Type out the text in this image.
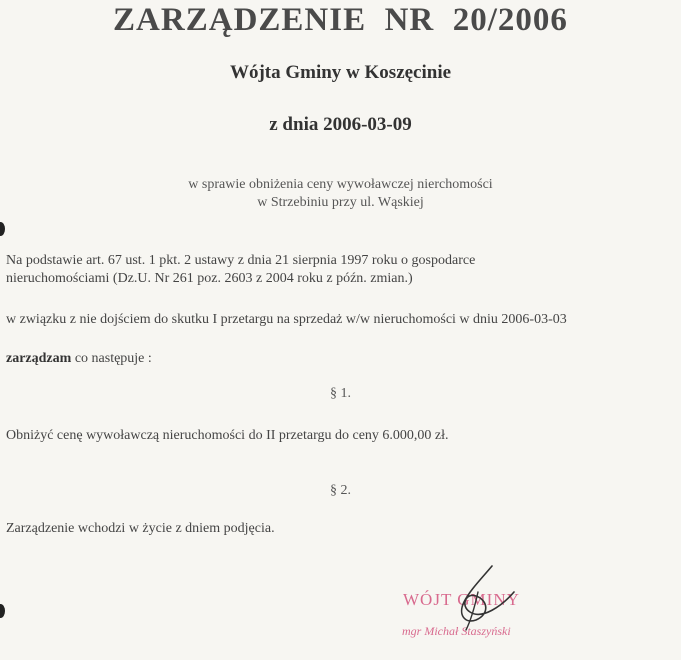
ZARZĄDZENIE  NR  20/2006
Wójta Gminy w Koszęcinie
z dnia 2006-03-09
w sprawie obniżenia ceny wywoławczej nierchomości
w Strzebiniu przy ul. Wąskiej
Na podstawie art. 67 ust. 1 pkt. 2 ustawy z dnia 21 sierpnia 1997 roku o gospodarce
nieruchomościami (Dz.U. Nr 261 poz. 2603 z 2004 roku z późn. zmian.)
w związku z nie dojściem do skutku I przetargu na sprzedaż w/w nieruchomości w dniu 2006-03-03
zarządzam co następuje :
§ 1.
Obniżyć cenę wywoławczą nieruchomości do II przetargu do ceny 6.000,00 zł.
§ 2.
Zarządzenie wchodzi w życie z dniem podjęcia.
WÓJT GMINY
mgr Michał Staszyński
